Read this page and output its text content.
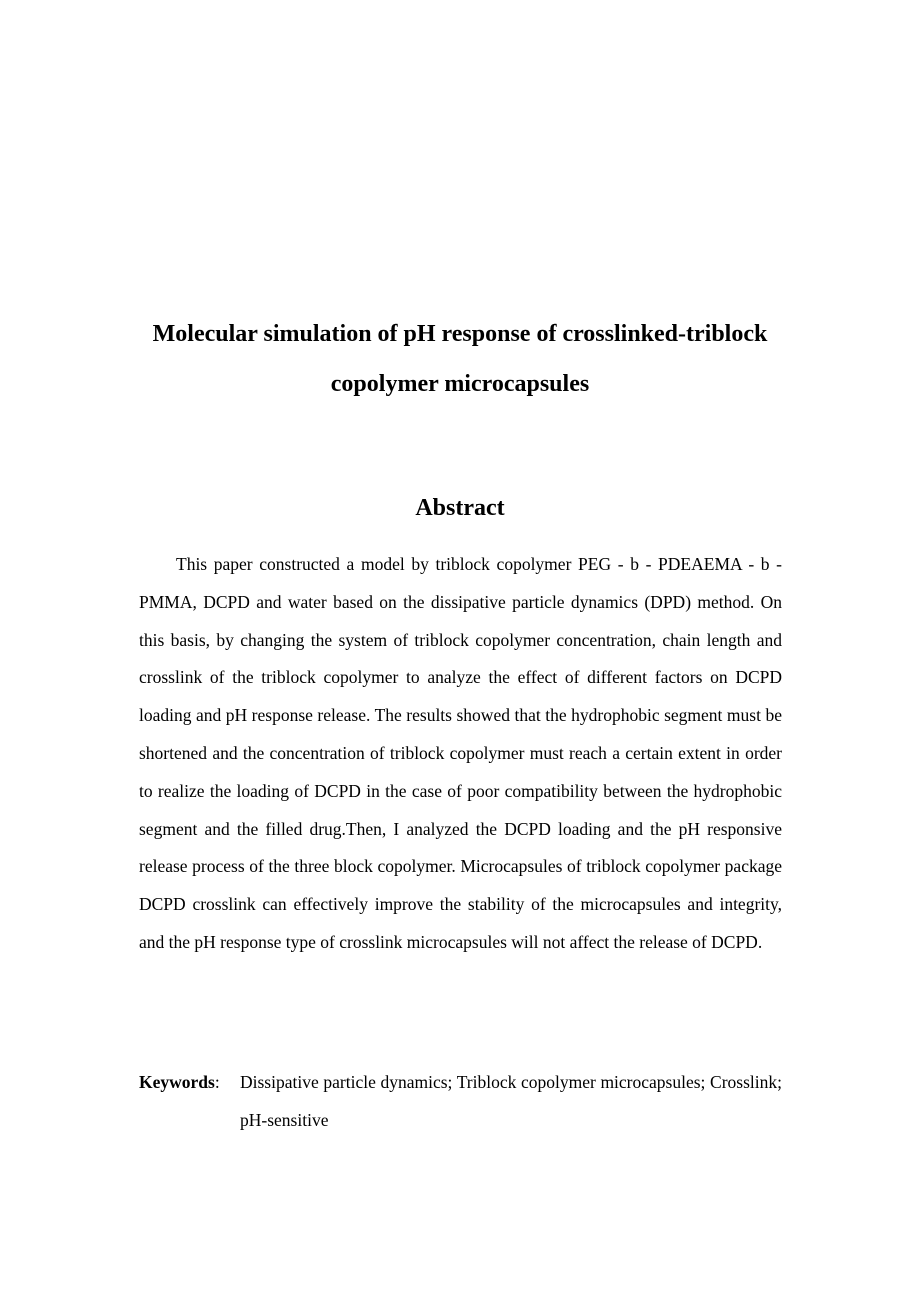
Molecular simulation of pH response of crosslinked-triblock
copolymer microcapsules
Abstract

This paper constructed a model by triblock copolymer PEG - b - PDEAEMA - b - PMMA, DCPD and water based on the dissipative particle dynamics (DPD) method. On this basis, by changing the system of triblock copolymer concentration, chain length and crosslink of the triblock copolymer to analyze the effect of different factors on DCPD loading and pH response release. The results showed that the hydrophobic segment must be shortened and the concentration of triblock copolymer must reach a certain extent in order to realize the loading of DCPD in the case of poor compatibility between the hydrophobic segment and the filled drug.Then, I analyzed the DCPD loading and the pH responsive release process of the three block copolymer. Microcapsules of triblock copolymer package DCPD crosslink can effectively improve the stability of the microcapsules and integrity, and the pH response type of crosslink microcapsules will not affect the release of DCPD.

Keywords:	Dissipative particle dynamics; Triblock copolymer microcapsules; Crosslink; pH-sensitive
